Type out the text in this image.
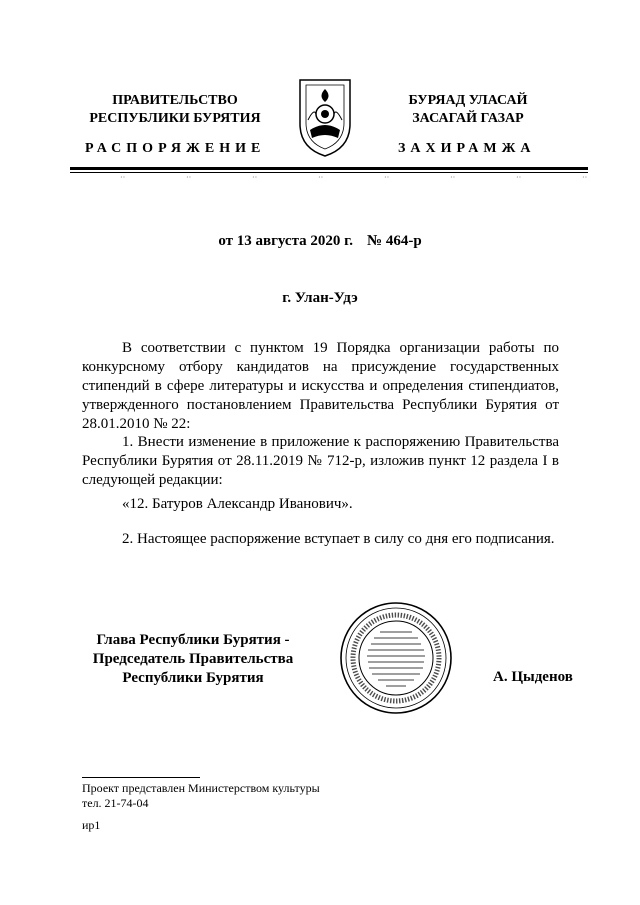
ПРАВИТЕЛЬСТВО
РЕСПУБЛИКИ БУРЯТИЯ
БУРЯАД УЛАСАЙ
ЗАСАГАЙ ГАЗАР
РАСПОРЯЖЕНИЕ	ЗАХИРАМЖА
··	··	··	··	··	··	··	··
от 13 августа 2020 г. № 464-р
г. Улан-Удэ
В соответствии с пунктом 19 Порядка организации работы по конкурсному отбору кандидатов на присуждение государственных стипендий в сфере литературы и искусства и определения стипендиатов, утвержденного постановлением Правительства Республики Бурятия от 28.01.2010 № 22:
1. Внести изменение в приложение к распоряжению Правительства Республики Бурятия от 28.11.2019 № 712-р, изложив пункт 12 раздела I в следующей редакции:
«12. Батуров Александр Иванович».
2. Настоящее распоряжение вступает в силу со дня его подписания.
Глава Республики Бурятия -
Председатель Правительства
Республики Бурятия	А. Цыденов
Проект представлен Министерством культуры
тел. 21-74-04
ир1
